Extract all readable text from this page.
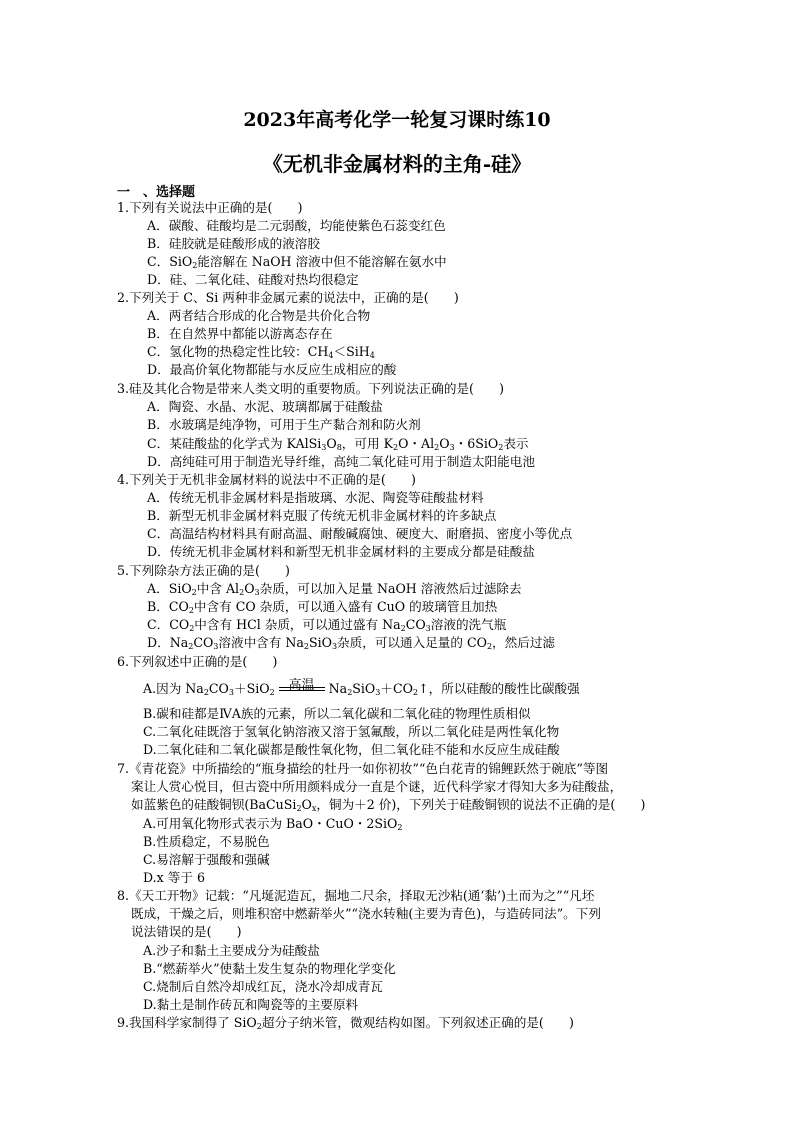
2023年高考化学一轮复习课时练10
《无机非金属材料的主角-硅》
一　、选择题
1.下列有关说法中正确的是(　　)
A．碳酸、硅酸均是二元弱酸，均能使紫色石蕊变红色
B．硅胶就是硅酸形成的液溶胶
C．SiO$_2$能溶解在 NaOH 溶液中但不能溶解在氨水中
D．硅、二氧化硅、硅酸对热均很稳定
2.下列关于 C、Si 两种非金属元素的说法中，正确的是(　　)
A．两者结合形成的化合物是共价化合物
B．在自然界中都能以游离态存在
C．氢化物的热稳定性比较：$CH_4<SiH_4$
D．最高价氧化物都能与水反应生成相应的酸
3.硅及其化合物是带来人类文明的重要物质。下列说法正确的是(　　)
A．陶瓷、水晶、水泥、玻璃都属于硅酸盐
B．水玻璃是纯净物，可用于生产黏合剂和防火剂
C．某硅酸盐的化学式为 $KAlSi_3O_8$，可用 $K_2O$・$Al_2O_3$・6SiO$_2$表示
D．高纯硅可用于制造光导纤维，高纯二氧化硅可用于制造太阳能电池
4.下列关于无机非金属材料的说法中不正确的是(　　)
A．传统无机非金属材料是指玻璃、水泥、陶瓷等硅酸盐材料
B．新型无机非金属材料克服了传统无机非金属材料的许多缺点
C．高温结构材料具有耐高温、耐酸碱腐蚀、硬度大、耐磨损、密度小等优点
D．传统无机非金属材料和新型无机非金属材料的主要成分都是硅酸盐
5.下列除杂方法正确的是(　　)
A．SiO$_2$中含 $Al_2O_3$杂质，可以加入足量 NaOH 溶液然后过滤除去
B．$CO_2$中含有 CO 杂质，可以通入盛有 CuO 的玻璃管且加热
C．$CO_2$中含有 HCl 杂质，可以通过盛有 $Na_2CO_3$溶液的洗气瓶
D．$Na_2CO_3$溶液中含有 $Na_2SiO_3$杂质，可以通入足量的 $CO_2$，然后过滤
6.下列叙述中正确的是(　　)
A.因为 $Na_2CO_3+SiO_2$	高温	$Na_2SiO_3+CO_2↑$，所以硅酸的酸性比碳酸强
B.碳和硅都是ⅣA族的元素，所以二氧化碳和二氧化硅的物理性质相似
C.二氧化硅既溶于氢氧化钠溶液又溶于氢氟酸，所以二氧化硅是两性氧化物
D.二氧化硅和二氧化碳都是酸性氧化物，但二氧化硅不能和水反应生成硅酸
7.《青花瓷》中所描绘的“瓶身描绘的牡丹一如你初妆”“色白花青的锦鲤跃然于碗底”等图
案让人赏心悦目，但古瓷中所用颜料成分一直是个谜，近代科学家才得知大多为硅酸盐，
如蓝紫色的硅酸铜钡($BaCuSi_2O_x$，铜为＋2 价)，下列关于硅酸铜钡的说法不正确的是(　　)
A.可用氧化物形式表示为 BaO・CuO・2SiO$_2$
B.性质稳定，不易脱色
C.易溶解于强酸和强碱
D.x 等于 6
8.《天工开物》记载：“凡埏泥造瓦，掘地二尺余，择取无沙粘(通‘黏’)土而为之”“凡坯
既成，干燥之后，则堆积窑中燃薪举火”“浇水转釉(主要为青色)，与造砖同法”。下列
说法错误的是(　　)
A.沙子和黏土主要成分为硅酸盐
B.“燃薪举火”使黏土发生复杂的物理化学变化
C.烧制后自然冷却成红瓦，浇水冷却成青瓦
D.黏土是制作砖瓦和陶瓷等的主要原料
9.我国科学家制得了 SiO$_2$超分子纳米管，微观结构如图。下列叙述正确的是(　　)
